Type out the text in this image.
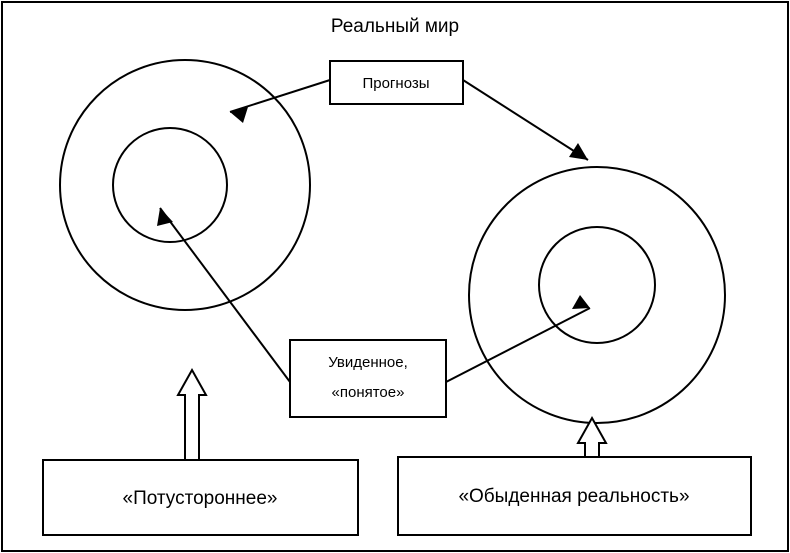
Реальный мир
Прогнозы
Увиденное,
«понятое»
«Потустороннее»	«Обыденная реальность»
